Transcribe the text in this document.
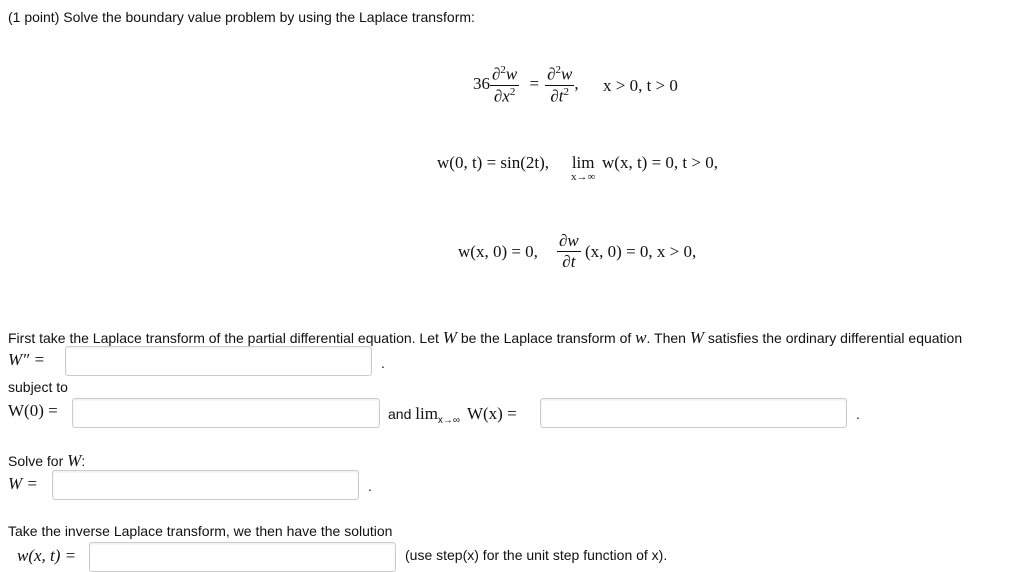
(1 point) Solve the boundary value problem by using the Laplace transform:
$36 \frac{\partial^2w}{\partial x^2} = \frac{\partial^2w}{\partial t^2}$ , x > 0, t > 0
w(0, t) = sin(2t), lim
x→∞
w(x, t) = 0, t > 0,
w(x, 0) = 0, $\frac{\partial w}{\partial t} (x$, 0) = 0, x > 0,
First take the Laplace transform of the partial differential equation. Let W be the Laplace transform of w. Then W satisfies the ordinary differential equation
W″ =	.
subject to
W(0) =	and $\lim_{x\to\infty} W(x)$ =	.
Solve for W:
W =	.
Take the inverse Laplace transform, we then have the solution
w(x, t) =	(use step(x) for the unit step function of x).
